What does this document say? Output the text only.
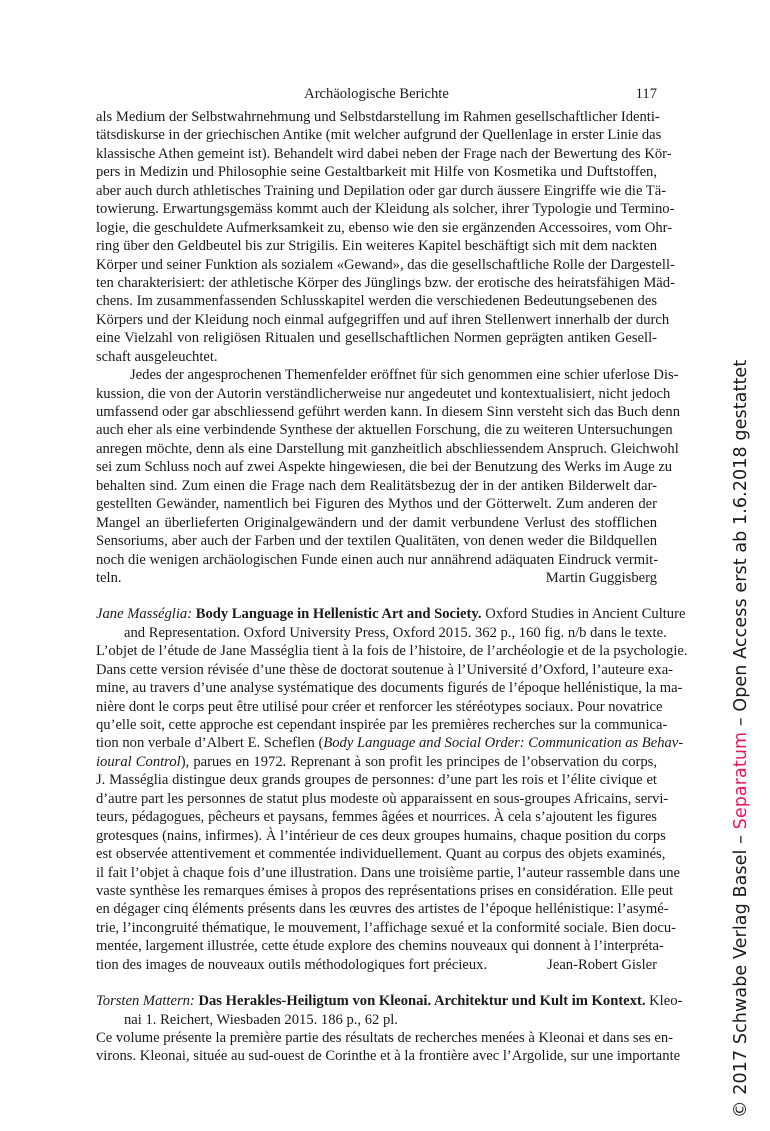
Archäologische Berichte	117
als Medium der Selbstwahrnehmung und Selbstdarstellung im Rahmen gesellschaftlicher Identi-
tätsdiskurse in der griechischen Antike (mit welcher aufgrund der Quellenlage in erster Linie das
klassische Athen gemeint ist). Behandelt wird dabei neben der Frage nach der Bewertung des Kör-
pers in Medizin und Philosophie seine Gestaltbarkeit mit Hilfe von Kosmetika und Duftstoffen,
aber auch durch athletisches Training und Depilation oder gar durch äussere Eingriffe wie die Tä-
towierung. Erwartungsgemäss kommt auch der Kleidung als solcher, ihrer Typologie und Termino-
logie, die geschuldete Aufmerksamkeit zu, ebenso wie den sie ergänzenden Accessoires, vom Ohr-
ring über den Geldbeutel bis zur Strigilis. Ein weiteres Kapitel beschäftigt sich mit dem nackten
Körper und seiner Funktion als sozialem «Gewand», das die gesellschaftliche Rolle der Dargestell-
ten charakterisiert: der athletische Körper des Jünglings bzw. der erotische des heiratsfähigen Mäd-
chens. Im zusammenfassenden Schlusskapitel werden die verschiedenen Bedeutungsebenen des
Körpers und der Kleidung noch einmal aufgegriffen und auf ihren Stellenwert innerhalb der durch
eine Vielzahl von religiösen Ritualen und gesellschaftlichen Normen geprägten antiken Gesell-
schaft ausgeleuchtet.
Jedes der angesprochenen Themenfelder eröffnet für sich genommen eine schier uferlose Dis-
kussion, die von der Autorin verständlicherweise nur angedeutet und kontextualisiert, nicht jedoch
umfassend oder gar abschliessend geführt werden kann. In diesem Sinn versteht sich das Buch denn
auch eher als eine verbindende Synthese der aktuellen Forschung, die zu weiteren Untersuchungen
anregen möchte, denn als eine Darstellung mit ganzheitlich abschliessendem Anspruch. Gleichwohl
sei zum Schluss noch auf zwei Aspekte hingewiesen, die bei der Benutzung des Werks im Auge zu
behalten sind. Zum einen die Frage nach dem Realitätsbezug der in der antiken Bilderwelt dar-
gestellten Gewänder, namentlich bei Figuren des Mythos und der Götterwelt. Zum anderen der
Mangel an überlieferten Originalgewändern und der damit verbundene Verlust des stofflichen
Sensoriums, aber auch der Farben und der textilen Qualitäten, von denen weder die Bildquellen
noch die wenigen archäologischen Funde einen auch nur annährend adäquaten Eindruck vermit-
teln.	Martin Guggisberg
Jane Masséglia: Body Language in Hellenistic Art and Society. Oxford Studies in Ancient Culture
and Representation. Oxford University Press, Oxford 2015. 362 p., 160 fig. n/b dans le texte.
L’objet de l’étude de Jane Masséglia tient à la fois de l’histoire, de l’archéologie et de la psychologie.
Dans cette version révisée d’une thèse de doctorat soutenue à l’Université d’Oxford, l’auteure exa-
mine, au travers d’une analyse systématique des documents figurés de l’époque hellénistique, la ma-
nière dont le corps peut être utilisé pour créer et renforcer les stéréotypes sociaux. Pour novatrice
qu’elle soit, cette approche est cependant inspirée par les premières recherches sur la communica-
tion non verbale d’Albert E. Scheflen (Body Language and Social Order: Communication as Behav-
ioural Control), parues en 1972. Reprenant à son profit les principes de l’observation du corps,
J. Masséglia distingue deux grands groupes de personnes: d’une part les rois et l’élite civique et
d’autre part les personnes de statut plus modeste où apparaissent en sous-groupes Africains, servi-
teurs, pédagogues, pêcheurs et paysans, femmes âgées et nourrices. À cela s’ajoutent les figures
grotesques (nains, infirmes). À l’intérieur de ces deux groupes humains, chaque position du corps
est observée attentivement et commentée individuellement. Quant au corpus des objets examinés,
il fait l’objet à chaque fois d’une illustration. Dans une troisième partie, l’auteur rassemble dans une
vaste synthèse les remarques émises à propos des représentations prises en considération. Elle peut
en dégager cinq éléments présents dans les œuvres des artistes de l’époque hellénistique: l’asymé-
trie, l’incongruité thématique, le mouvement, l’affichage sexué et la conformité sociale. Bien docu-
mentée, largement illustrée, cette étude explore des chemins nouveaux qui donnent à l’interpréta-
tion des images de nouveaux outils méthodologiques fort précieux.	Jean-Robert Gisler
Torsten Mattern: Das Herakles-Heiligtum von Kleonai. Architektur und Kult im Kontext. Kleo-
nai 1. Reichert, Wiesbaden 2015. 186 p., 62 pl.
Ce volume présente la première partie des résultats de recherches menées à Kleonai et dans ses en-
virons. Kleonai, située au sud-ouest de Corinthe et à la frontière avec l’Argolide, sur une importante	© 2017 Schwabe Verlag Basel – Separatum – Open Access erst ab 1.6.2018 gestattet
